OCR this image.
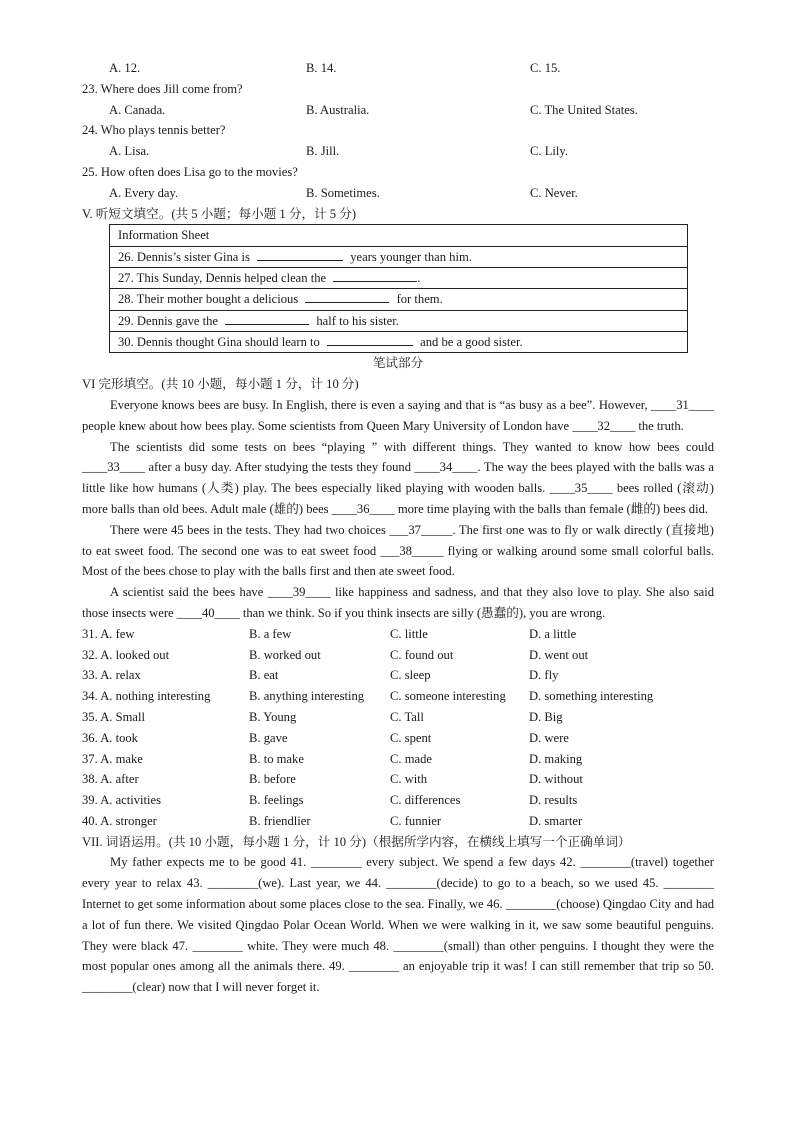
A. 12.	B. 14.	C. 15.
23. Where does Jill come from?
A. Canada.	B. Australia.	C. The United States.
24. Who plays tennis better?
A. Lisa.	B. Jill.	C. Lily.
25. How often does Lisa go to the movies?
A. Every day.	B. Sometimes.	C. Never.
V. 听短文填空。(共 5 小题；每小题 1 分，计 5 分)
Information Sheet
26. Dennis’s sister Gina is	years younger than him.
27. This Sunday, Dennis helped clean the	.
28. Their mother bought a delicious	for them.
29. Dennis gave the	half to his sister.
30. Dennis thought Gina should learn to	and be a good sister.
笔试部分
VI 完形填空。(共 10 小题，每小题 1 分，计 10 分)
Everyone knows bees are busy. In English, there is even a saying and that is “as busy as a bee”. However, ____31____ people knew about how bees play. Some scientists from Queen Mary University of London have ____32____ the truth.
The scientists did some tests on bees “playing ” with different things. They wanted to know how bees could ____33____ after a busy day. After studying the tests they found ____34____. The way the bees played with the balls was a little like how humans (人类) play. The bees especially liked playing with wooden balls. ____35____ bees rolled (滚动) more balls than old bees. Adult male (雄的) bees ____36____ more time playing with the balls than female (雌的) bees did.
There were 45 bees in the tests. They had two choices ___37_____. The first one was to fly or walk directly (直接地) to eat sweet food. The second one was to eat sweet food ___38_____ flying or walking around some small colorful balls. Most of the bees chose to play with the balls first and then ate sweet food.
A scientist said the bees have ____39____ like happiness and sadness, and that they also love to play. She also said those insects were ____40____ than we think. So if you think insects are silly (愚蠢的), you are wrong.
31. A. few	B. a few	C. little	D. a little
32. A. looked out	B. worked out	C. found out	D. went out
33. A. relax	B. eat	C. sleep	D. fly
34. A. nothing interesting	B. anything interesting C. someone interesting D. something interesting
35. A. Small	B. Young	C. Tall	D. Big
36. A. took	B. gave	C. spent	D. were
37. A. make	B. to make	C. made	D. making
38. A. after	B. before	C. with	D. without
39. A. activities	B. feelings	C. differences	D. results
40. A. stronger	B. friendlier	C. funnier	D. smarter
VII. 词语运用。(共 10 小题，每小题 1 分，计 10 分)（根据所学内容，在横线上填写一个正确单词）
My father expects me to be good 41. ________ every subject. We spend a few days 42. ________(travel) together every year to relax 43. ________(we). Last year, we 44. ________(decide) to go to a beach, so we used 45. ________ Internet to get some information about some places close to the sea. Finally, we 46. ________(choose) Qingdao City and had a lot of fun there. We visited Qingdao Polar Ocean World. When we were walking in it, we saw some beautiful penguins. They were black 47. ________ white. They were much 48. ________(small) than other penguins. I thought they were the most popular ones among all the animals there. 49. ________ an enjoyable trip it was! I can still remember that trip so 50. ________(clear) now that I will never forget it.
